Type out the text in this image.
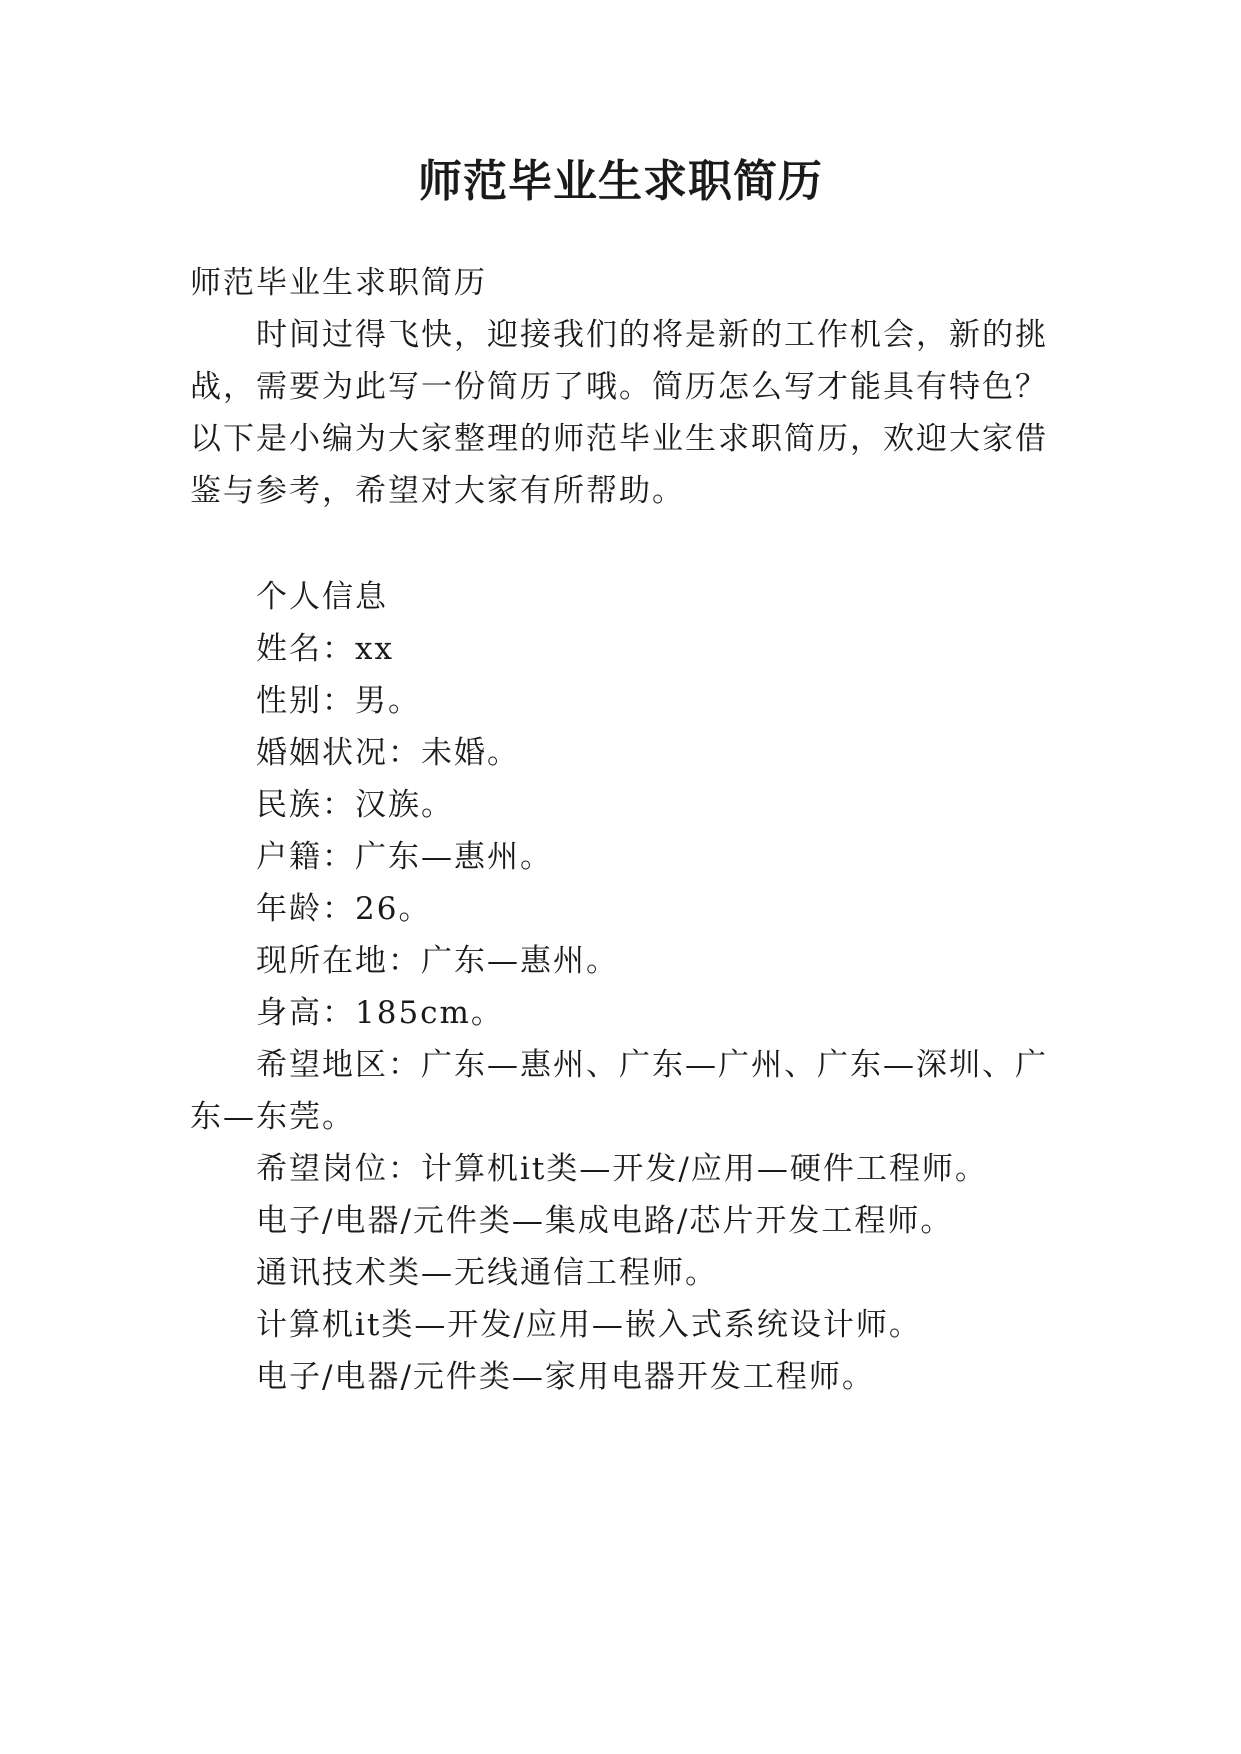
师范毕业生求职简历
师范毕业生求职简历
时间过得飞快，迎接我们的将是新的工作机会，新的挑
战，需要为此写一份简历了哦。简历怎么写才能具有特色？
以下是小编为大家整理的师范毕业生求职简历，欢迎大家借
鉴与参考，希望对大家有所帮助。
个人信息
姓名：xx
性别：男。
婚姻状况：未婚。
民族：汉族。
户籍：广东—惠州。
年龄：26。
现所在地：广东—惠州。
身高：185cm。
希望地区：广东—惠州、广东—广州、广东—深圳、广
东—东莞。
希望岗位：计算机it类—开发/应用—硬件工程师。
电子/电器/元件类—集成电路/芯片开发工程师。
通讯技术类—无线通信工程师。
计算机it类—开发/应用—嵌入式系统设计师。
电子/电器/元件类—家用电器开发工程师。
